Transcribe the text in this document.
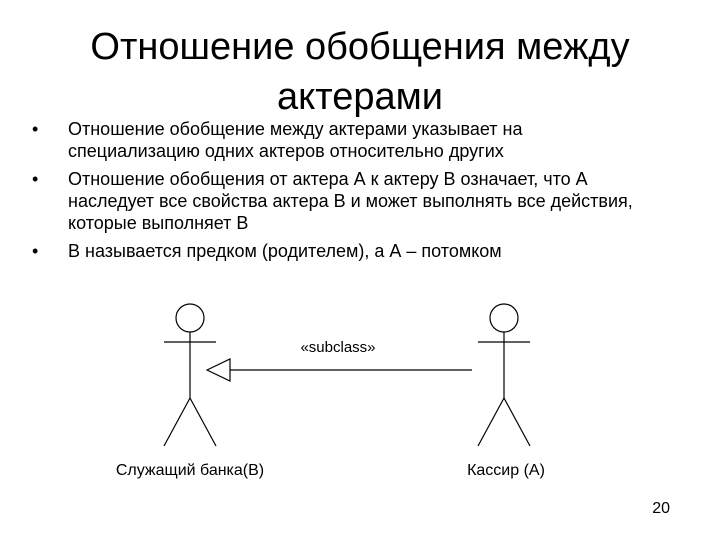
Отношение обобщения между актерами
• Отношение обобщение между актерами указывает на специализацию одних актеров относительно других
• Отношение обобщения от актера А к актеру В означает, что А наследует все свойства актера В и может выполнять все действия, которые выполняет В
• В называется предком (родителем), а А – потомком
«subclass»
Служащий банка(B)	Кассир (А)
20
